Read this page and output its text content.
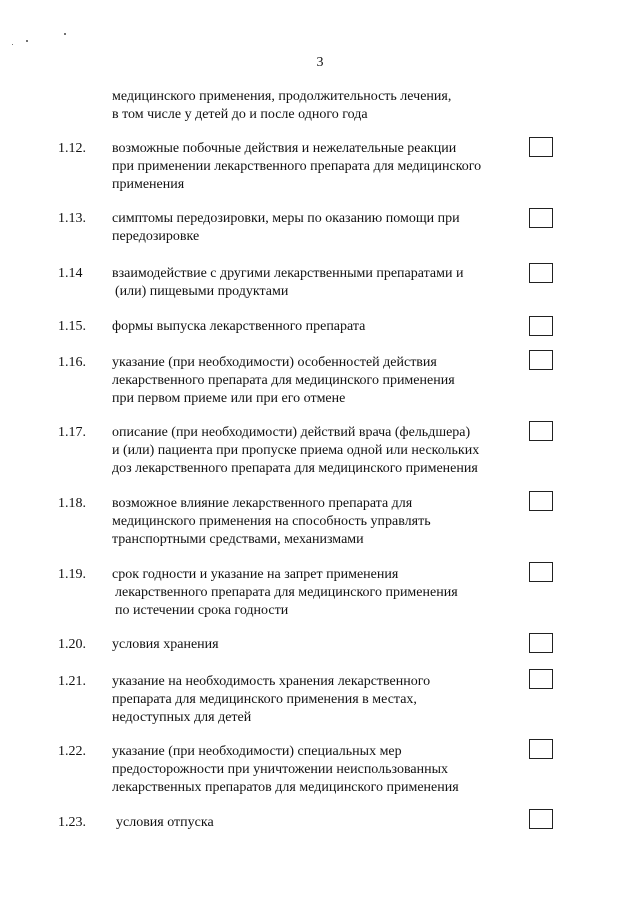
3
медицинского применения, продолжительность лечения,
в том числе у детей до и после одного года
1.12. возможные побочные действия и нежелательные реакции
при применении лекарственного препарата для медицинского
применения
1.13. симптомы передозировки, меры по оказанию помощи при
передозировке
1.14 взаимодействие с другими лекарственными препаратами и
(или) пищевыми продуктами
1.15. формы выпуска лекарственного препарата
1.16. указание (при необходимости) особенностей действия
лекарственного препарата для медицинского применения
при первом приеме или при его отмене
1.17. описание (при необходимости) действий врача (фельдшера)
и (или) пациента при пропуске приема одной или нескольких
доз лекарственного препарата для медицинского применения
1.18. возможное влияние лекарственного препарата для
медицинского применения на способность управлять
транспортными средствами, механизмами
1.19. срок годности и указание на запрет применения
лекарственного препарата для медицинского применения
по истечении срока годности
1.20. условия хранения
1.21. указание на необходимость хранения лекарственного
препарата для медицинского применения в местах,
недоступных для детей
1.22. указание (при необходимости) специальных мер
предосторожности при уничтожении неиспользованных
лекарственных препаратов для медицинского применения
1.23. условия отпуска
